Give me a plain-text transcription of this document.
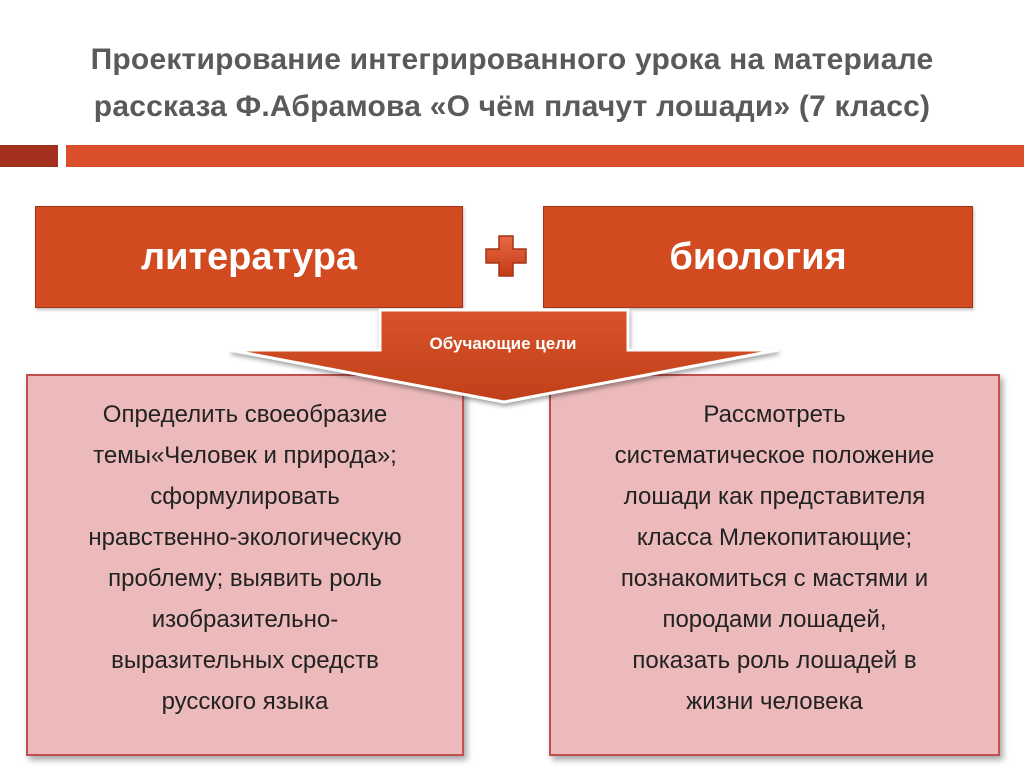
Проектирование интегрированного урока на материале
рассказа Ф.Абрамова «О чём плачут лошади» (7 класс)
литература	биология
Определить своеобразие
темы«Человек и природа»;
сформулировать
нравственно-экологическую
проблему; выявить роль
изобразительно-
выразительных средств
русского языка
Рассмотреть
систематическое положение
лошади как представителя
класса Млекопитающие;
познакомиться с мастями и
породами лошадей,
показать роль лошадей в
жизни человека
Обучающие цели
